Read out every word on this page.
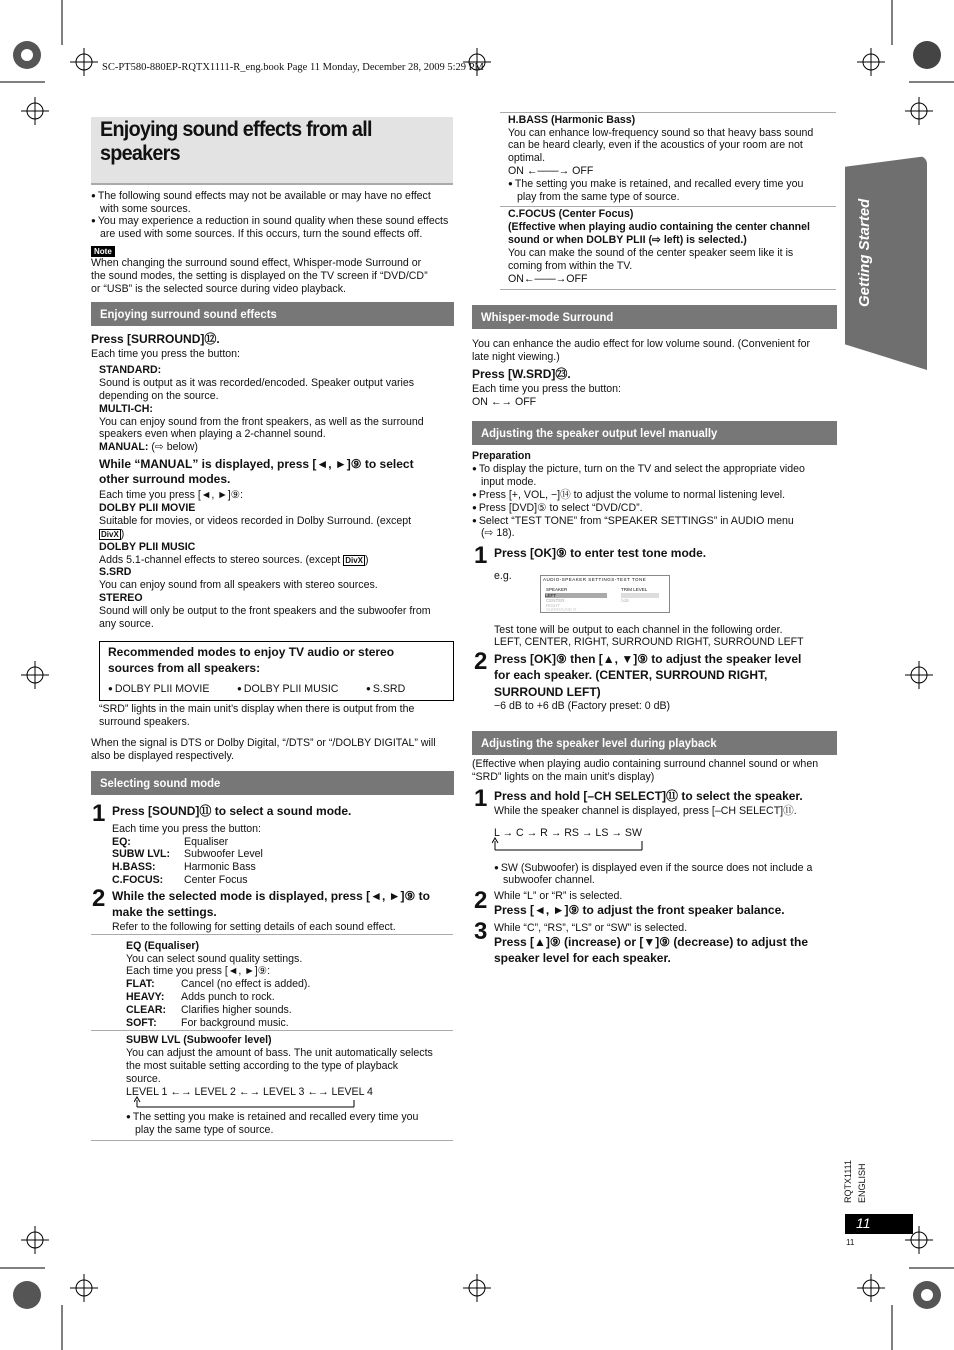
SC-PT580-880EP-RQTX1111-R_eng.book Page 11 Monday, December 28, 2009 5:29 PM
Enjoying sound effects from all
speakers
Getting Started
● The following sound effects may not be available or may have no effect
with some sources.
● You may experience a reduction in sound quality when these sound effects
are used with some sources. If this occurs, turn the sound effects off.
Note
When changing the surround sound effect, Whisper-mode Surround or
the sound modes, the setting is displayed on the TV screen if “DVD/CD”
or “USB” is the selected source during video playback.
Enjoying surround sound effects
Press [SURROUND]⑫.
Each time you press the button:
STANDARD:
Sound is output as it was recorded/encoded. Speaker output varies
depending on the source.
MULTI-CH:
You can enjoy sound from the front speakers, as well as the surround
speakers even when playing a 2-channel sound.
MANUAL: (⇨ below)
While “MANUAL” is displayed, press [◄, ►]⑨ to select
other surround modes.
Each time you press [◄, ►]⑨:
DOLBY PLII MOVIE
Suitable for movies, or videos recorded in Dolby Surround. (except
DivX )
DOLBY PLII MUSIC
Adds 5.1-channel effects to stereo sources. (except DivX )
S.SRD
You can enjoy sound from all speakers with stereo sources.
STEREO
Sound will only be output to the front speakers and the subwoofer from
any source.
Recommended modes to enjoy TV audio or stereo
sources from all speakers:
● DOLBY PLII MOVIE	● DOLBY PLII MUSIC	● S.SRD
“SRD” lights in the main unit’s display when there is output from the
surround speakers.
When the signal is DTS or Dolby Digital, “/DTS” or “/DOLBY DIGITAL” will
also be displayed respectively.
Selecting sound mode
1 Press [SOUND]⑪ to select a sound mode.
Each time you press the button:
EQ:	Equaliser
SUBW LVL: Subwoofer Level
H.BASS:	Harmonic Bass
C.FOCUS: Center Focus
2 While the selected mode is displayed, press [◄, ►]⑨ to
make the settings.
Refer to the following for setting details of each sound effect.
EQ (Equaliser)
You can select sound quality settings.
Each time you press [◄, ►]⑨:
FLAT: Cancel (no effect is added).
HEAVY: Adds punch to rock.
CLEAR: Clarifies higher sounds.
SOFT: For background music.
SUBW LVL (Subwoofer level)
You can adjust the amount of bass. The unit automatically selects
the most suitable setting according to the type of playback
source.
LEVEL 1 ←→ LEVEL 2 ←→ LEVEL 3 ←→ LEVEL 4
● The setting you make is retained and recalled every time you
play the same type of source.
H.BASS (Harmonic Bass)
You can enhance low-frequency sound so that heavy bass sound
can be heard clearly, even if the acoustics of your room are not
optimal.
ON ←——→ OFF
● The setting you make is retained, and recalled every time you
play from the same type of source.
C.FOCUS (Center Focus)
(Effective when playing audio containing the center channel
sound or when DOLBY PLII (⇨ left) is selected.)
You can make the sound of the center speaker seem like it is
coming from within the TV.
ON←——→OFF
Whisper-mode Surround
You can enhance the audio effect for low volume sound. (Convenient for
late night viewing.)
Press [W.SRD]㉓.
Each time you press the button:
ON ←→ OFF
Adjusting the speaker output level manually
Preparation
● To display the picture, turn on the TV and select the appropriate video
input mode.
● Press [+, VOL, −]⑭ to adjust the volume to normal listening level.
● Press [DVD]⑤ to select “DVD/CD”.
● Select “TEST TONE” from “SPEAKER SETTINGS” in AUDIO menu
(⇨ 18).
1 Press [OK]⑨ to enter test tone mode.
e.g.	AUDIO-SPEAKER SETTINGS-TEST TONE
SPEAKER	TRIM LEVEL
LEFT	0dB
CENTER	0dB
RIGHT
SURROUND R
Test tone will be output to each channel in the following order.
LEFT, CENTER, RIGHT, SURROUND RIGHT, SURROUND LEFT
2 Press [OK]⑨ then [▲, ▼]⑨ to adjust the speaker level
for each speaker. (CENTER, SURROUND RIGHT,
SURROUND LEFT)
−6 dB to +6 dB (Factory preset: 0 dB)
Adjusting the speaker level during playback
(Effective when playing audio containing surround channel sound or when
“SRD” lights on the main unit’s display)
1 Press and hold [–CH SELECT]⑪ to select the speaker.
While the speaker channel is displayed, press [–CH SELECT]⑪.
L → C → R → RS → LS → SW
● SW (Subwoofer) is displayed even if the source does not include a
subwoofer channel.
2 While “L” or “R” is selected.
Press [◄, ►]⑨ to adjust the front speaker balance.
3 While “C”, “RS”, “LS” or “SW” is selected.
Press [▲]⑨ (increase) or [▼]⑨ (decrease) to adjust the
speaker level for each speaker.
RQTX1111 ENGLISH
11
11
